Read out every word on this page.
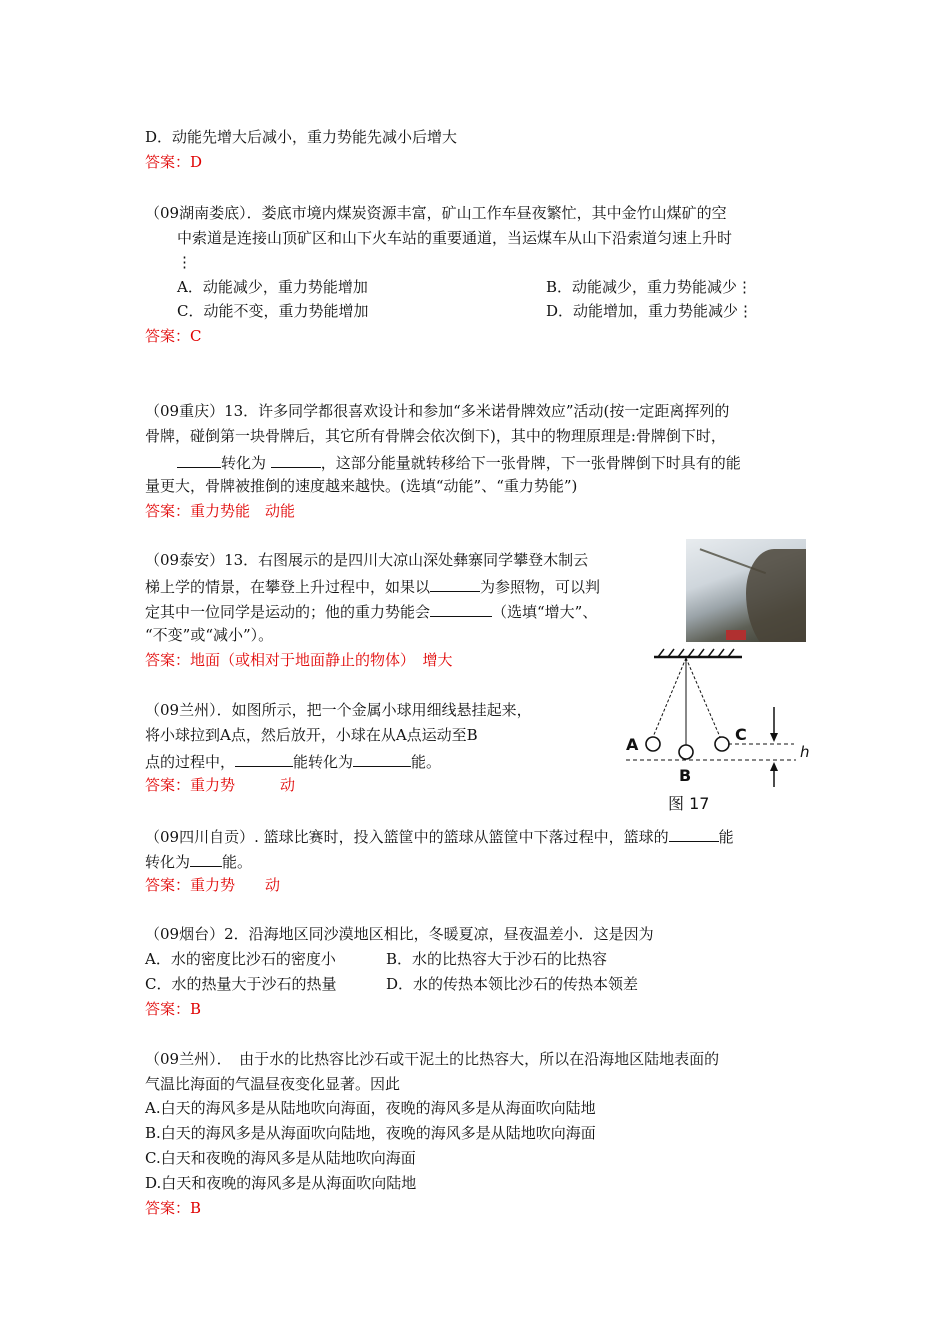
D．动能先增大后减小，重力势能先减小后增大
答案：D
（09湖南娄底）．娄底市境内煤炭资源丰富，矿山工作车昼夜繁忙，其中金竹山煤矿的空
中索道是连接山顶矿区和山下火车站的重要通道，当运煤车从山下沿索道匀速上升时
⋮
A．动能减少，重力势能增加	B．动能减少，重力势能减少⋮
C．动能不变，重力势能增加	D．动能增加，重力势能减少⋮
答案：C
（09重庆）13．许多同学都很喜欢设计和参加“多米诺骨牌效应”活动(按一定距离挥列的
骨牌，碰倒第一块骨牌后，其它所有骨牌会依次倒下)，其中的物理原理是:骨牌倒下时，
转化为	，这部分能量就转移给下一张骨牌，下一张骨牌倒下时具有的能
量更大，骨牌被推倒的速度越来越快。(选填“动能”、“重力势能”)
答案：重力势能　动能
（09泰安）13．右图展示的是四川大凉山深处彝寨同学攀登木制云
梯上学的情景，在攀登上升过程中，如果以	为参照物，可以判
定其中一位同学是运动的；他的重力势能会	（选填“增大”、
“不变”或“减小”）。
答案：地面（或相对于地面静止的物体）　增大
（09兰州）．如图所示，把一个金属小球用细线悬挂起来，
将小球拉到A点，然后放开，小球在从A点运动至B
点的过程中，	能转化为	能。
答案：重力势　　　动
A
B
C
h
图 17
（09四川自贡）. 篮球比赛时，投入篮筐中的篮球从篮筐中下落过程中，篮球的	能
转化为 能。
答案：重力势　　动
（09烟台）2．沿海地区同沙漠地区相比，冬暖夏凉，昼夜温差小．这是因为
A．水的密度比沙石的密度小	B．水的比热容大于沙石的比热容
C．水的热量大于沙石的热量	D．水的传热本领比沙石的传热本领差
答案：B
（09兰州）．　由于水的比热容比沙石或干泥土的比热容大，所以在沿海地区陆地表面的
气温比海面的气温昼夜变化显著。因此
A.白天的海风多是从陆地吹向海面，夜晚的海风多是从海面吹向陆地
B.白天的海风多是从海面吹向陆地，夜晚的海风多是从陆地吹向海面
C.白天和夜晚的海风多是从陆地吹向海面
D.白天和夜晚的海风多是从海面吹向陆地
答案：B
